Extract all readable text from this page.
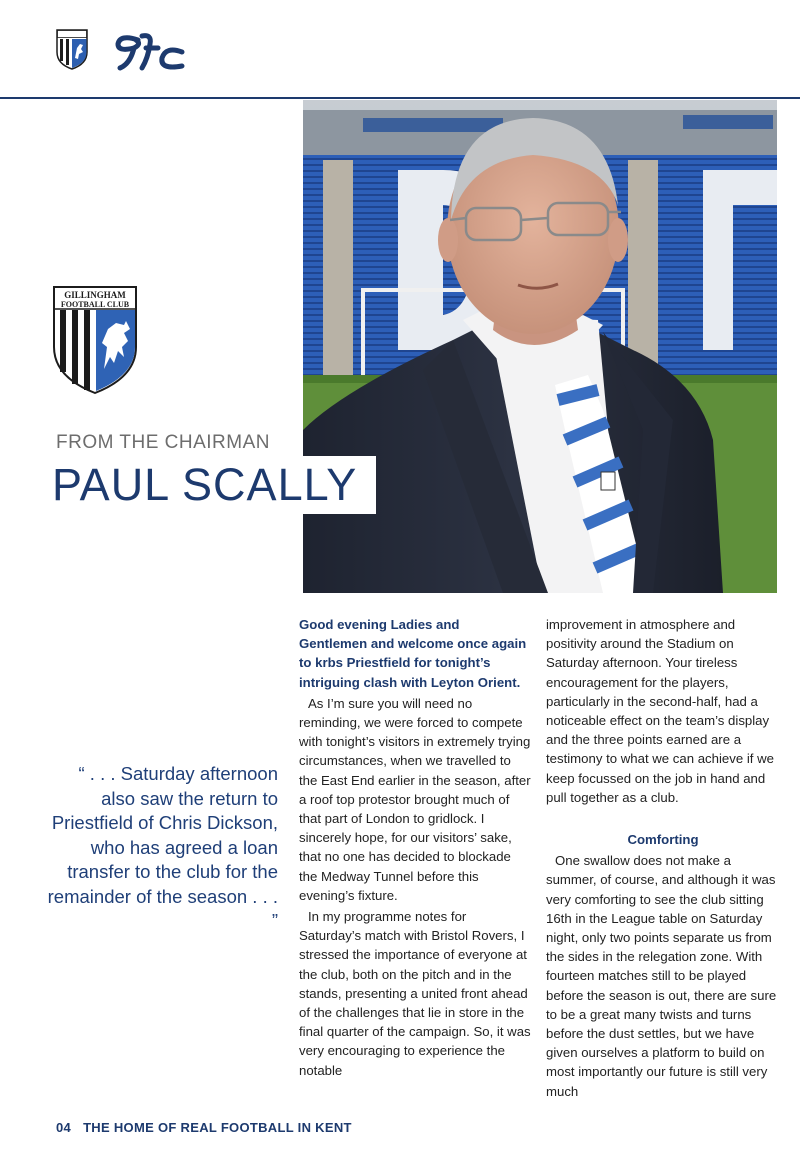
GILLINGHAM
FOOTBALL CLUB
FROM THE CHAIRMAN
PAUL SCALLY
“ . . . Saturday afternoon also saw the return to Priestfield of Chris Dickson, who has agreed a loan transfer to the club for the remainder of the season . . . ”

Good evening Ladies and Gentlemen and welcome once again to krbs Priestfield for tonight’s intriguing clash with Leyton Orient.

As I’m sure you will need no reminding, we were forced to compete with tonight’s visitors in extremely trying circumstances, when we travelled to the East End earlier in the season, after a roof top protestor brought much of that part of London to gridlock. I sincerely hope, for our visitors’ sake, that no one has decided to blockade the Medway Tunnel before this evening’s fixture.

In my programme notes for Saturday’s match with Bristol Rovers, I stressed the importance of everyone at the club, both on the pitch and in the stands, presenting a united front ahead of the challenges that lie in store in the final quarter of the campaign. So, it was very encouraging to experience the notable

improvement in atmosphere and positivity around the Stadium on Saturday afternoon. Your tireless encouragement for the players, particularly in the second-half, had a noticeable effect on the team’s display and the three points earned are a testimony to what we can achieve if we keep focussed on the job in hand and pull together as a club.

Comforting

One swallow does not make a summer, of course, and although it was very comforting to see the club sitting 16th in the League table on Saturday night, only two points separate us from the sides in the relegation zone. With fourteen matches still to be played before the season is out, there are sure to be a great many twists and turns before the dust settles, but we have given ourselves a platform to build on most importantly our future is still very much

04 THE HOME OF REAL FOOTBALL IN KENT
